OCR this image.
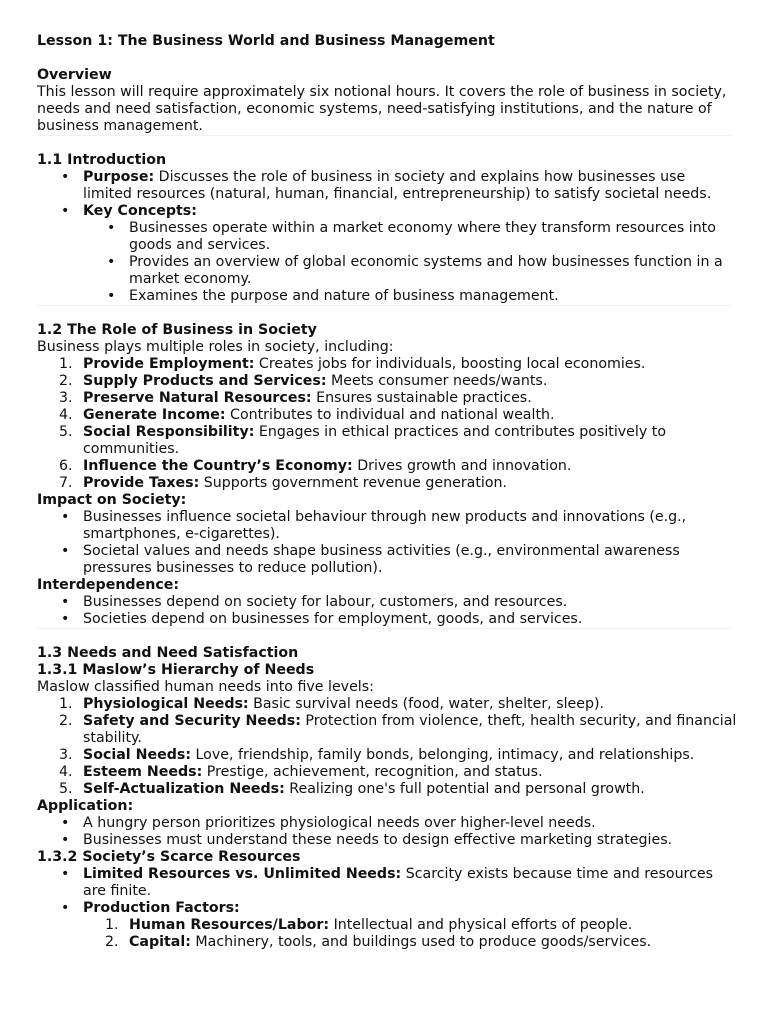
Lesson 1: The Business World and Business Management
Overview
This lesson will require approximately six notional hours. It covers the role of business in society, needs and need satisfaction, economic systems, need-satisfying institutions, and the nature of business management.
1.1 Introduction
• Purpose: Discusses the role of business in society and explains how businesses use limited resources (natural, human, financial, entrepreneurship) to satisfy societal needs.
• Key Concepts:
• Businesses operate within a market economy where they transform resources into goods and services.
• Provides an overview of global economic systems and how businesses function in a market economy.
• Examines the purpose and nature of business management.
1.2 The Role of Business in Society
Business plays multiple roles in society, including:
1. Provide Employment: Creates jobs for individuals, boosting local economies.
2. Supply Products and Services: Meets consumer needs/wants.
3. Preserve Natural Resources: Ensures sustainable practices.
4. Generate Income: Contributes to individual and national wealth.
5. Social Responsibility: Engages in ethical practices and contributes positively to communities.
6. Influence the Country’s Economy: Drives growth and innovation.
7. Provide Taxes: Supports government revenue generation.
Impact on Society:
• Businesses influence societal behaviour through new products and innovations (e.g., smartphones, e-cigarettes).
• Societal values and needs shape business activities (e.g., environmental awareness pressures businesses to reduce pollution).
Interdependence:
• Businesses depend on society for labour, customers, and resources.
• Societies depend on businesses for employment, goods, and services.
1.3 Needs and Need Satisfaction
1.3.1 Maslow’s Hierarchy of Needs
Maslow classified human needs into five levels:
1. Physiological Needs: Basic survival needs (food, water, shelter, sleep).
2. Safety and Security Needs: Protection from violence, theft, health security, and financial stability.
3. Social Needs: Love, friendship, family bonds, belonging, intimacy, and relationships.
4. Esteem Needs: Prestige, achievement, recognition, and status.
5. Self-Actualization Needs: Realizing one's full potential and personal growth.
Application:
• A hungry person prioritizes physiological needs over higher-level needs.
• Businesses must understand these needs to design effective marketing strategies.
1.3.2 Society’s Scarce Resources
• Limited Resources vs. Unlimited Needs: Scarcity exists because time and resources are finite.
• Production Factors:
1. Human Resources/Labor: Intellectual and physical efforts of people.
2. Capital: Machinery, tools, and buildings used to produce goods/services.
